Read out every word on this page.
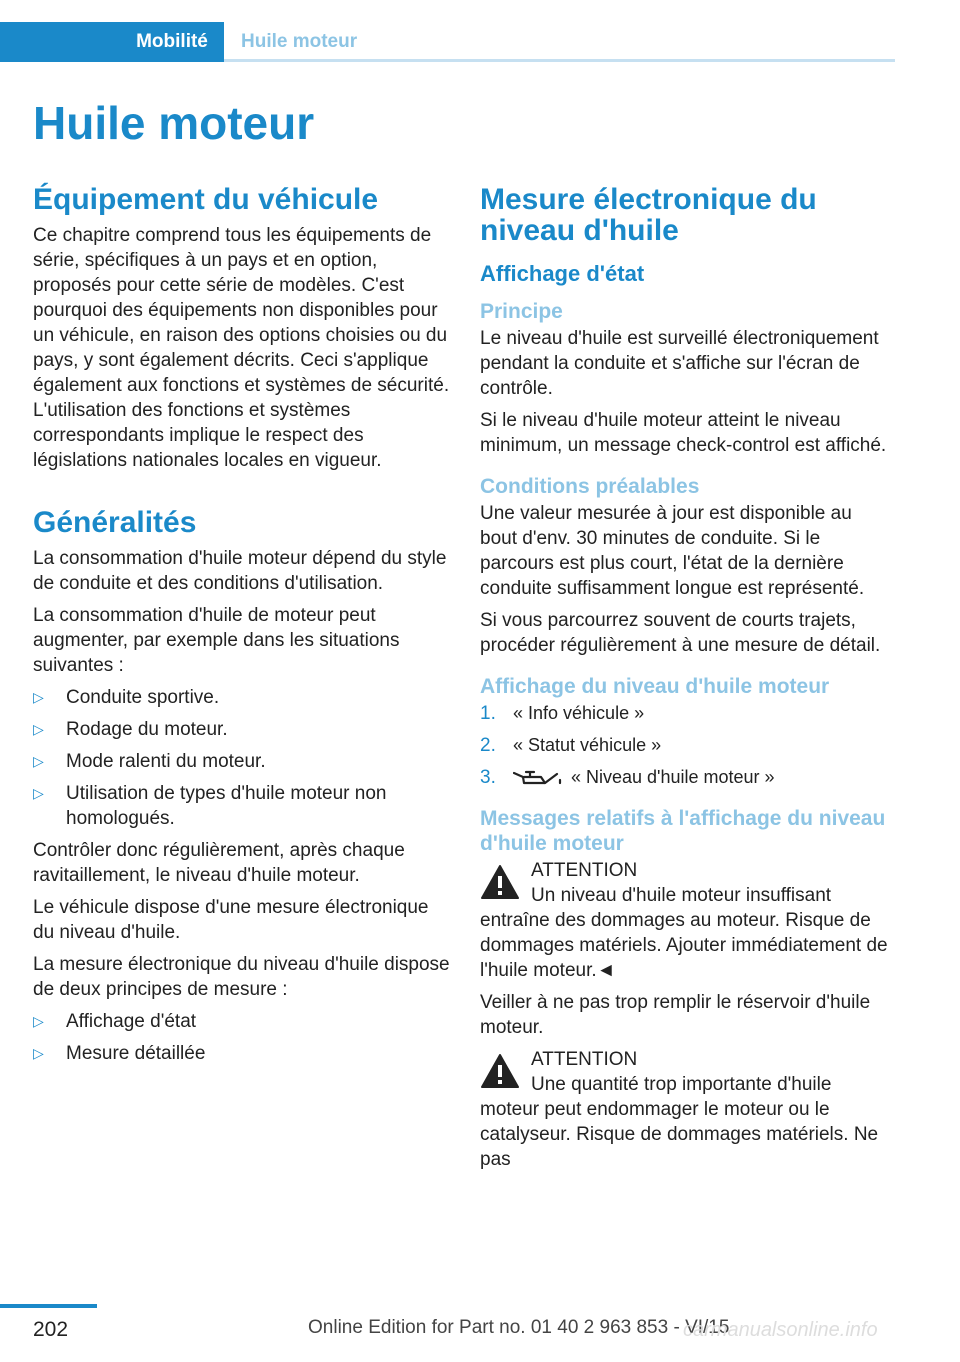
Mobilité	Huile moteur
Huile moteur
Équipement du véhicule

Ce chapitre comprend tous les équipements de série, spécifiques à un pays et en option, proposés pour cette série de modèles. C'est pourquoi des équipements non disponibles pour un véhicule, en raison des options choisies ou du pays, y sont également décrits. Ceci s'applique également aux fonctions et systèmes de sécurité. L'utilisation des fonctions et systèmes correspondants implique le respect des législations nationales locales en vigueur.

Généralités

La consommation d'huile moteur dépend du style de conduite et des conditions d'utilisation.

La consommation d'huile de moteur peut augmenter, par exemple dans les situations suivantes :

▷ Conduite sportive.
▷ Rodage du moteur.
▷ Mode ralenti du moteur.
▷ Utilisation de types d'huile moteur non homologués.

Contrôler donc régulièrement, après chaque ravitaillement, le niveau d'huile moteur.

Le véhicule dispose d'une mesure électronique du niveau d'huile.

La mesure électronique du niveau d'huile dispose de deux principes de mesure :

▷ Affichage d'état
▷ Mesure détaillée
Mesure électronique du niveau d'huile
Affichage d'état
Principe

Le niveau d'huile est surveillé électroniquement pendant la conduite et s'affiche sur l'écran de contrôle.

Si le niveau d'huile moteur atteint le niveau minimum, un message check-control est affiché.

Conditions préalables

Une valeur mesurée à jour est disponible au bout d'env. 30 minutes de conduite. Si le parcours est plus court, l'état de la dernière conduite suffisamment longue est représenté.

Si vous parcourrez souvent de courts trajets, procéder régulièrement à une mesure de détail.

Affichage du niveau d'huile moteur
1. « Info véhicule »
2. « Statut véhicule »
3.	« Niveau d'huile moteur »
Messages relatifs à l'affichage du niveau d'huile moteur

ATTENTION

Un niveau d'huile moteur insuffisant entraîne des dommages au moteur. Risque de dommages matériels. Ajouter immédiatement de l'huile moteur.◄

Veiller à ne pas trop remplir le réservoir d'huile moteur.

ATTENTION

Une quantité trop importante d'huile moteur peut endommager le moteur ou le catalyseur. Risque de dommages matériels. Ne pas

202	Online Edition for Part no. 01 40 2 963 853 - VI/15
carmanualsonline.info
